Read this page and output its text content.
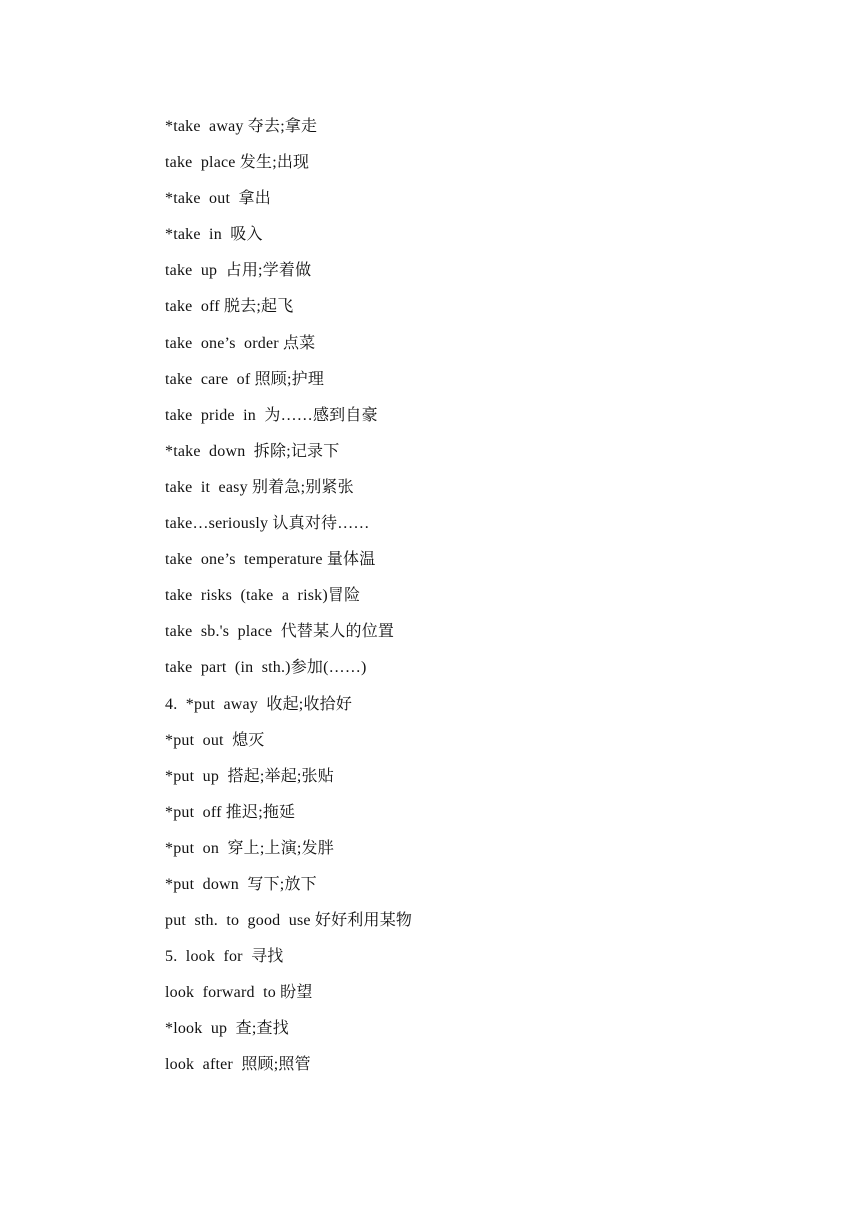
*take  away 夺去;拿走
take  place 发生;出现
*take  out  拿出
*take  in  吸入
take  up  占用;学着做
take  off 脱去;起飞
take  one’s  order 点菜
take  care  of 照顾;护理
take  pride  in  为……感到自豪
*take  down  拆除;记录下
take  it  easy 别着急;别紧张
take…seriously 认真对待……
take  one’s  temperature 量体温
take  risks  (take  a  risk)冒险
take  sb.'s  place  代替某人的位置
take  part  (in  sth.)参加(……)
4.  *put  away  收起;收拾好
*put  out  熄灭
*put  up  搭起;举起;张贴
*put  off 推迟;拖延
*put  on  穿上;上演;发胖
*put  down  写下;放下
put  sth.  to  good  use 好好利用某物
5.  look  for  寻找
look  forward  to 盼望
*look  up  查;查找
look  after  照顾;照管
